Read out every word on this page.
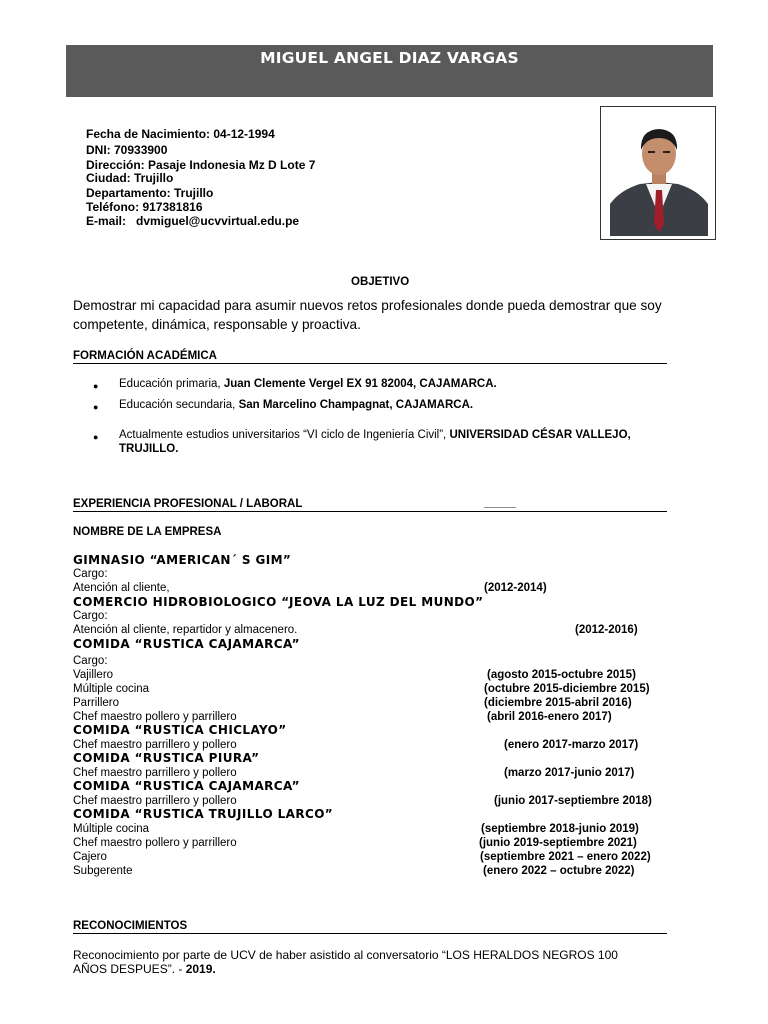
MIGUEL ANGEL DIAZ VARGAS
Fecha de Nacimiento: 04-12-1994
DNI: 70933900
Dirección: Pasaje Indonesia Mz D Lote 7
Ciudad: Trujillo
Departamento: Trujillo
Teléfono: 917381816
E-mail:   dvmiguel@ucvvirtual.edu.pe
OBJETIVO
Demostrar mi capacidad para asumir nuevos retos profesionales donde pueda demostrar que soy
competente, dinámica, responsable y proactiva.
FORMACIÓN ACADÉMICA
● Educación primaria, Juan Clemente Vergel EX 91 82004, CAJAMARCA.
● Educación secundaria, San Marcelino Champagnat, CAJAMARCA.
● Actualmente estudios universitarios “VI ciclo de Ingeniería Civil”, UNIVERSIDAD CÉSAR VALLEJO,
TRUJILLO.
EXPERIENCIA PROFESIONAL / LABORAL	_____
NOMBRE DE LA EMPRESA
GIMNASIO “AMERICAN´ S GIM”
Cargo:
Atención al cliente,	(2012-2014)
COMERCIO HIDROBIOLOGICO “JEOVA LA LUZ DEL MUNDO”
Cargo:
Atención al cliente, repartidor y almacenero.	(2012-2016)
COMIDA “RUSTICA CAJAMARCA”
Cargo:
Vajillero	(agosto 2015-octubre 2015)
Múltiple cocina	(octubre 2015-diciembre 2015)
Parrillero	(diciembre 2015-abril 2016)
Chef maestro pollero y parrillero	(abril 2016-enero 2017)
COMIDA “RUSTICA CHICLAYO”
Chef maestro parrillero y pollero	(enero 2017-marzo 2017)
COMIDA “RUSTICA PIURA”
Chef maestro parrillero y pollero	(marzo 2017-junio 2017)
COMIDA “RUSTICA CAJAMARCA”
Chef maestro parrillero y pollero	(junio 2017-septiembre 2018)
COMIDA “RUSTICA TRUJILLO LARCO”
Múltiple cocina	(septiembre 2018-junio 2019)
Chef maestro pollero y parrillero	(junio 2019-septiembre 2021)
Cajero	(septiembre 2021 – enero 2022)
Subgerente	(enero 2022 – octubre 2022)
RECONOCIMIENTOS
Reconocimiento por parte de UCV de haber asistido al conversatorio “LOS HERALDOS NEGROS 100
AÑOS DESPUES”. - 2019.
